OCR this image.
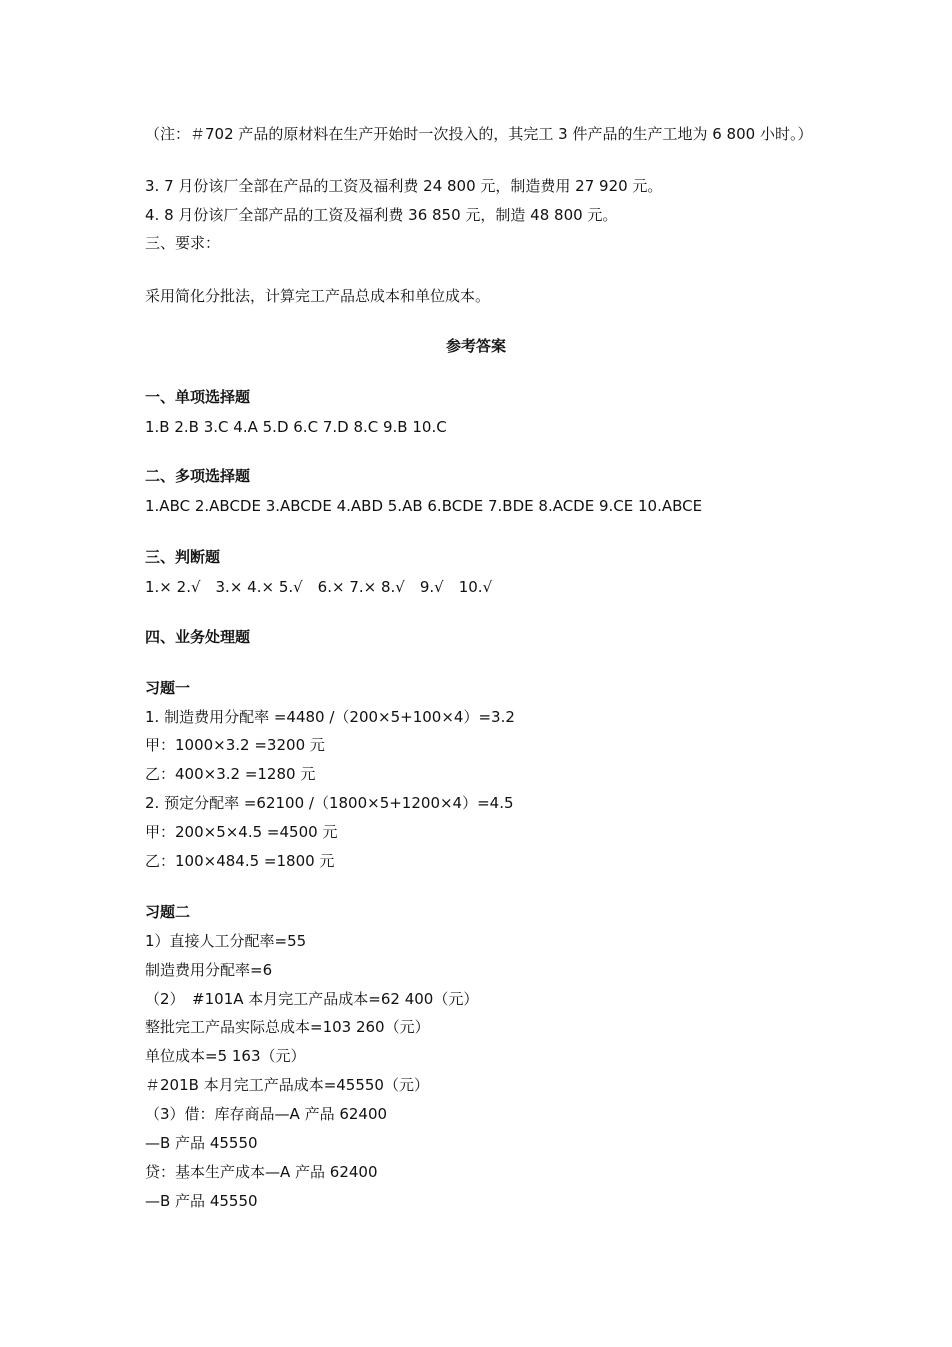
（注：＃702 产品的原材料在生产开始时一次投入的，其完工 3 件产品的生产工地为 6 800 小时。）
3. 7 月份该厂全部在产品的工资及福利费 24 800 元，制造费用 27 920 元。
4. 8 月份该厂全部产品的工资及福利费 36 850 元，制造 48 800 元。
三、要求：
采用简化分批法，计算完工产品总成本和单位成本。
参考答案
一、单项选择题
1.B 2.B 3.C 4.A 5.D 6.C 7.D 8.C 9.B 10.C
二、多项选择题
1.ABC 2.ABCDE 3.ABCDE 4.ABD 5.AB 6.BCDE 7.BDE 8.ACDE 9.CE 10.ABCE
三、判断题
1.× 2.√　3.× 4.× 5.√　6.× 7.× 8.√　9.√　10.√
四、业务处理题
习题一
1. 制造费用分配率 =4480 /（200×5+100×4）=3.2
甲：1000×3.2 =3200 元
乙：400×3.2 =1280 元
2. 预定分配率 =62100 /（1800×5+1200×4）=4.5
甲：200×5×4.5 =4500 元
乙：100×484.5 =1800 元
习题二
1）直接人工分配率=55
制造费用分配率=6
（2）　#101A 本月完工产品成本=62 400（元）
整批完工产品实际总成本=103 260（元）
单位成本=5 163（元）
＃201B 本月完工产品成本=45550（元）
（3）借：库存商品—A 产品 62400
—B 产品 45550
贷：基本生产成本—A 产品 62400
—B 产品 45550
